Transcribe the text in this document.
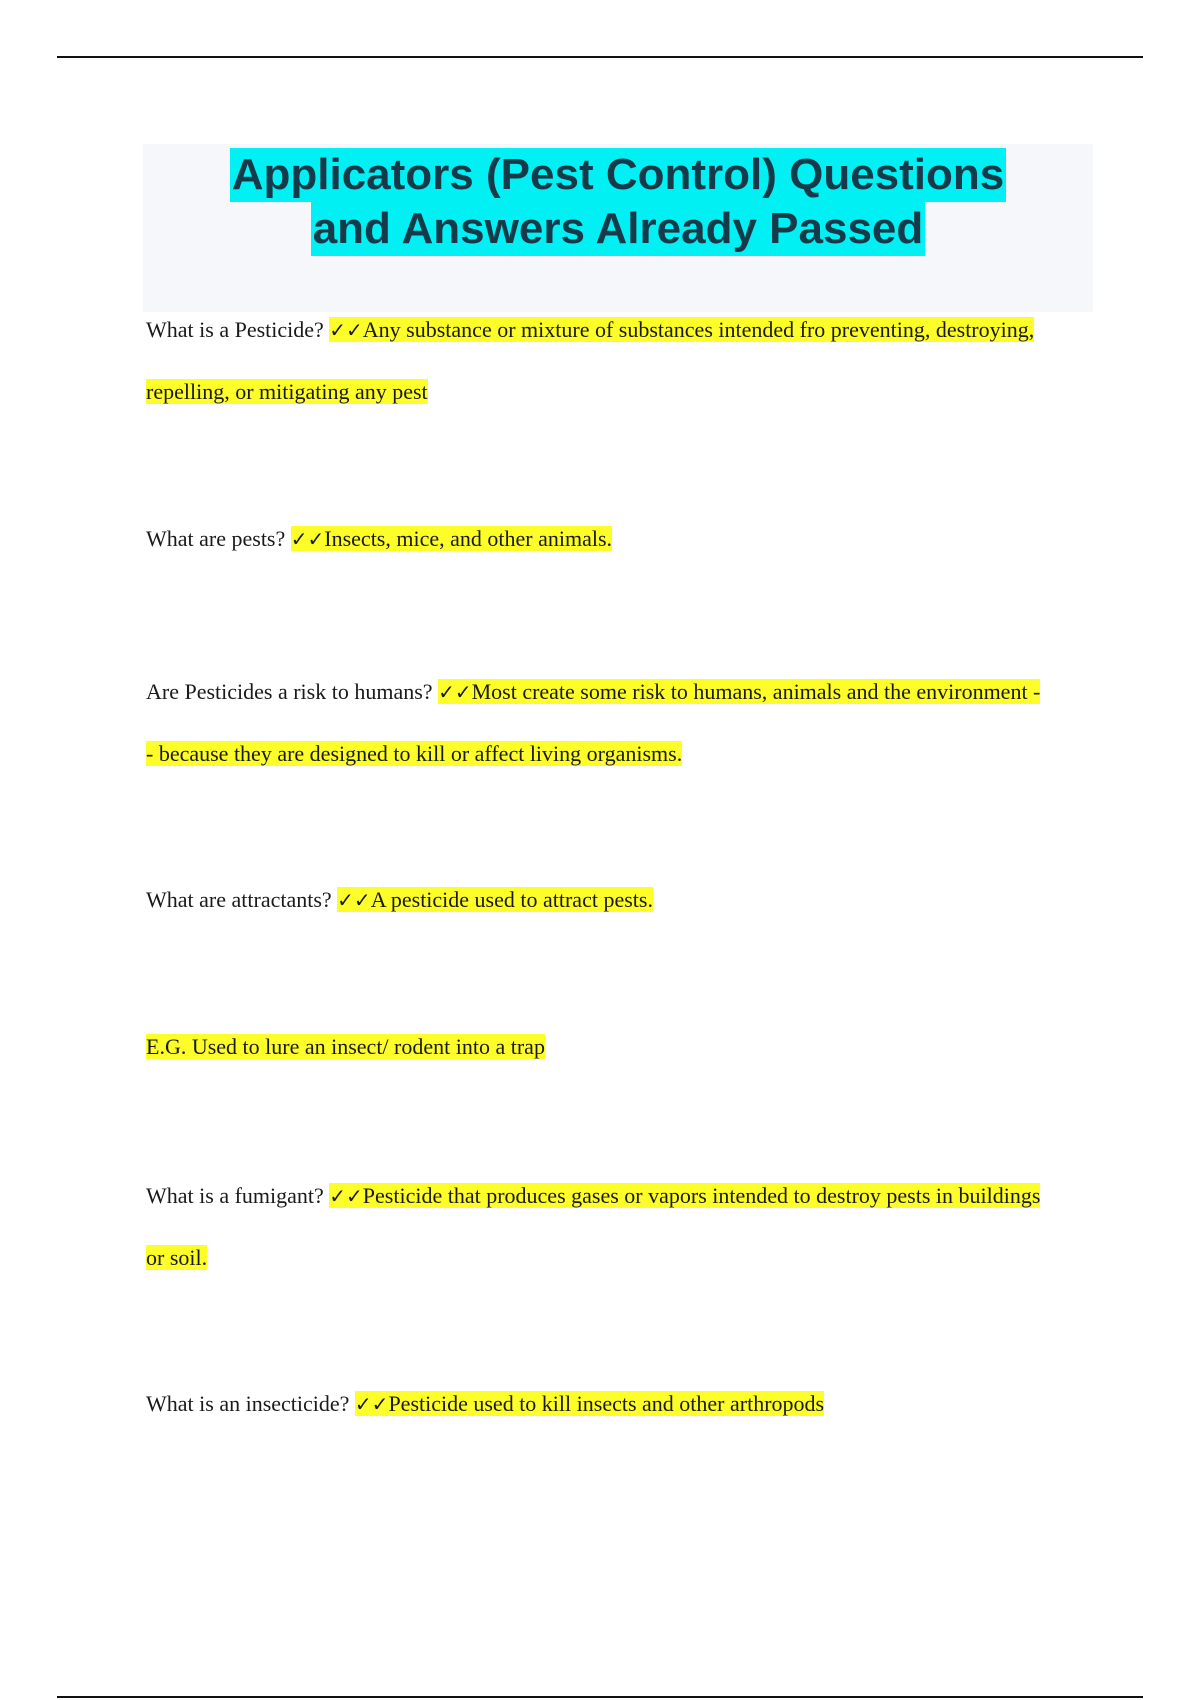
Applicators (Pest Control) Questions
and Answers Already Passed
What is a Pesticide? ✓✓Any substance or mixture of substances intended fro preventing, destroying, repelling, or mitigating any pest
What are pests? ✓✓Insects, mice, and other animals.
Are Pesticides a risk to humans? ✓✓Most create some risk to humans, animals and the environment -- because they are designed to kill or affect living organisms.
What are attractants? ✓✓A pesticide used to attract pests.
E.G. Used to lure an insect/ rodent into a trap
What is a fumigant? ✓✓Pesticide that produces gases or vapors intended to destroy pests in buildings or soil.
What is an insecticide? ✓✓Pesticide used to kill insects and other arthropods
